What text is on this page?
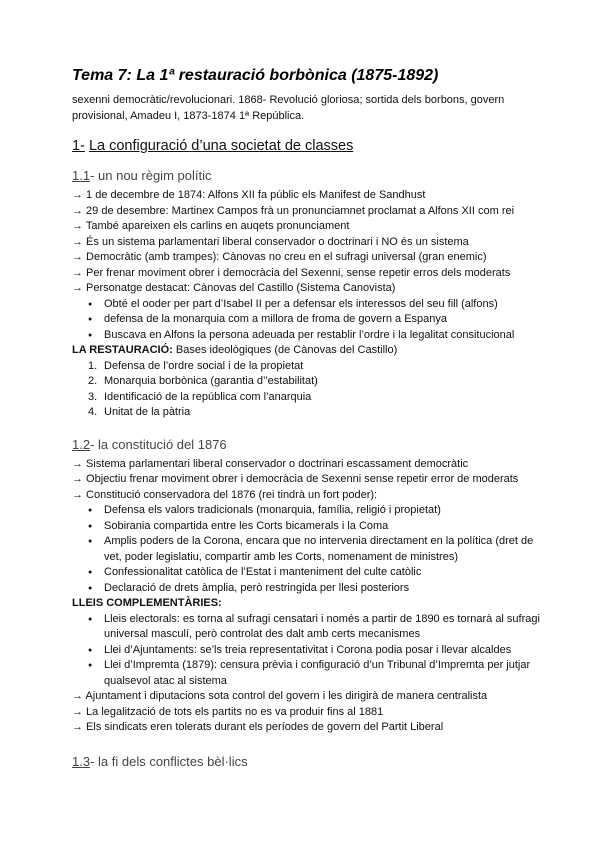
Tema 7: La 1ª restauració borbònica (1875-1892)

sexenni democràtic/revolucionari. 1868- Revolució gloriosa; sortida dels borbons, govern provisional, Amadeu I, 1873-1874 1ª República.

1- La configuració d’una societat de classes

1.1- un nou règim polític

→ 1 de decembre de 1874: Alfons XII fa públic els Manifest de Sandhust

→ 29 de desembre: Martinex Campos frà un pronunciamnet proclamat a Alfons XII com rei

→ També apareixen els carlins en auqets pronunciament

→ És un sistema parlamentari liberal conservador o doctrinari i NO és un sistema

→ Democràtic (amb trampes): Cànovas no creu en el sufragi universal (gran enemic)

→ Per frenar moviment obrer i democràcia del Sexenni, sense repetir erros dels moderats

→ Personatge destacat: Cànovas del Castillo (Sistema Canovista)

● Obté el ooder per part d’Isabel II per a defensar els interessos del seu fill (alfons)

● defensa de la monarquia com a millora de froma de govern a Espanya

● Buscava en Alfons la persona adeuada per restablir l’ordre i la legalitat consitucional

LA RESTAURACIÓ: Bases ideològiques (de Cànovas del Castillo)

1. Defensa de l’ordre social i de la propietat

2. Monarquia borbònica (garantia d’’estabilitat)

3. Identificació de la república com l’anarquia

4. Unitat de la pàtria

1.2- la constitució del 1876

→ Sistema parlamentari liberal conservador o doctrinari escassament democràtic

→ Objectiu frenar moviment obrer i democràcia de Sexenni sense repetir error de moderats

→ Constitució conservadora del 1876 (rei tindrà un fort poder):

● Defensa els valors tradicionals (monarquia, família, religió i propietat)

● Sobirania compartida entre les Corts bicamerals i la Coma

● Amplis poders de la Corona, encara que no intervenia directament en la política (dret de vet, poder legislatiu, compartir amb les Corts, nomenament de ministres)

● Confessionalitat catòlica de l’Estat i manteniment del culte catòlic

● Declaració de drets àmplia, però restringida per llesi posteriors

LLEIS COMPLEMENTÀRIES:

● Lleis electorals: es torna al sufragi censatari i només a partir de 1890 es tornarà al sufragi universal masculí, però controlat des dalt amb certs mecanismes

● Llei d’Ajuntaments: se’ls treia representativitat i Corona podia posar i llevar alcaldes

● Llei d’Impremta (1879): censura prèvia i configuració d’un Tribunal d’Impremta per jutjar qualsevol atac al sistema

→ Ajuntament i diputacions sota control del govern i les dirigirà de manera centralista

→ La legalització de tots els partits no es va produir fins al 1881

→ Els sindicats eren tolerats durant els períodes de govern del Partit Liberal

1.3- la fi dels conflictes bèl·lics
